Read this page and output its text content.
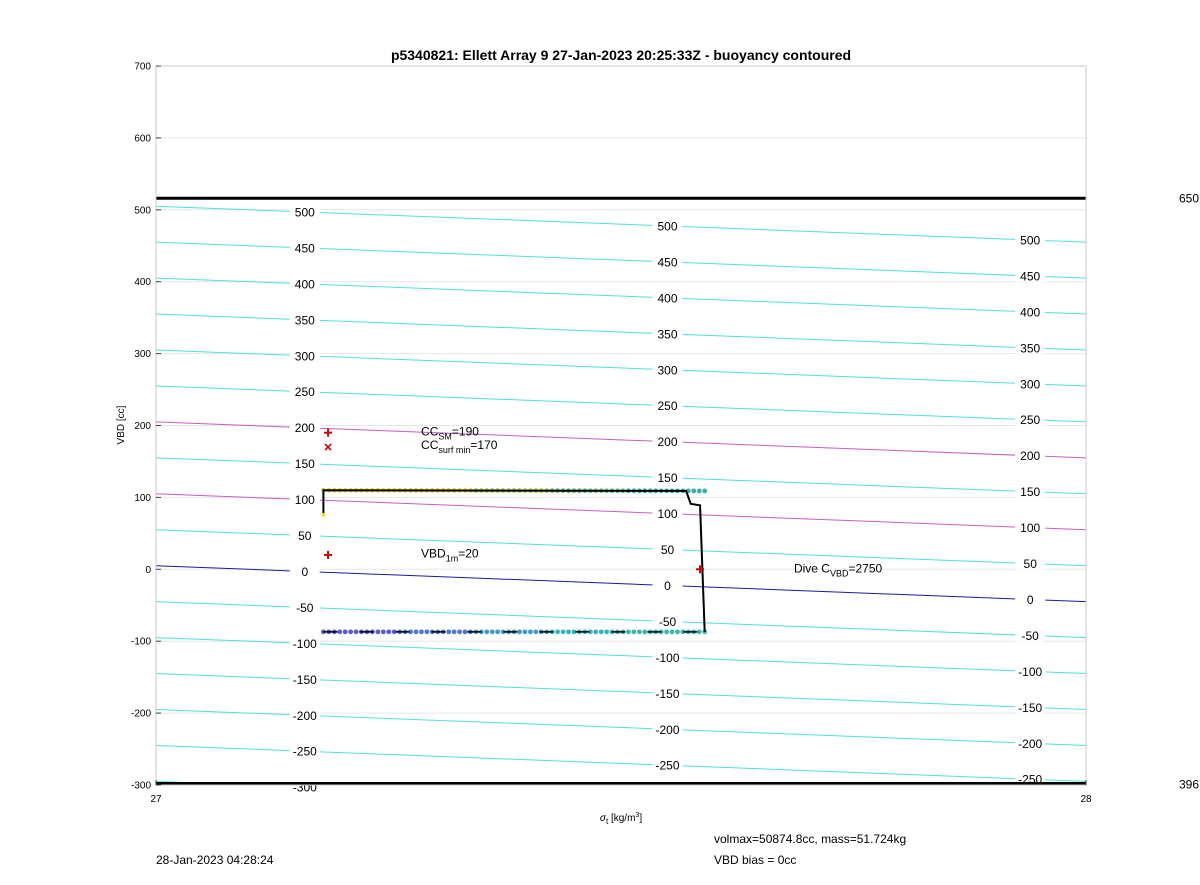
500
450
400
350
300
250
200
150
100
50
0
-50
-100
-150
-200
-250
-300
500
450
400
350
300
250
200
150
100
50
0
-50
-100
-150
-200
-250
500
450
400
350
300
250
200
150
100
50
0
-50
-100
-150
-200
-250
650
396
$CC_{SM}=190$
$CC_{surf min}=170$
$VBD_{1m}=20$
Dive $C_{VBD}=2750$
-300
-200
-100
0
100
200
300
400
500
600
700
27	28
p5340821: Ellett Array 9 27-Jan-2023 20:25:33Z - buoyancy contoured
VBD [cc]
$\sigma_t$ $[kg/m^3]$
volmax=50874.8cc, mass=51.724kg
28-Jan-2023 04:28:24	VBD bias = 0cc
